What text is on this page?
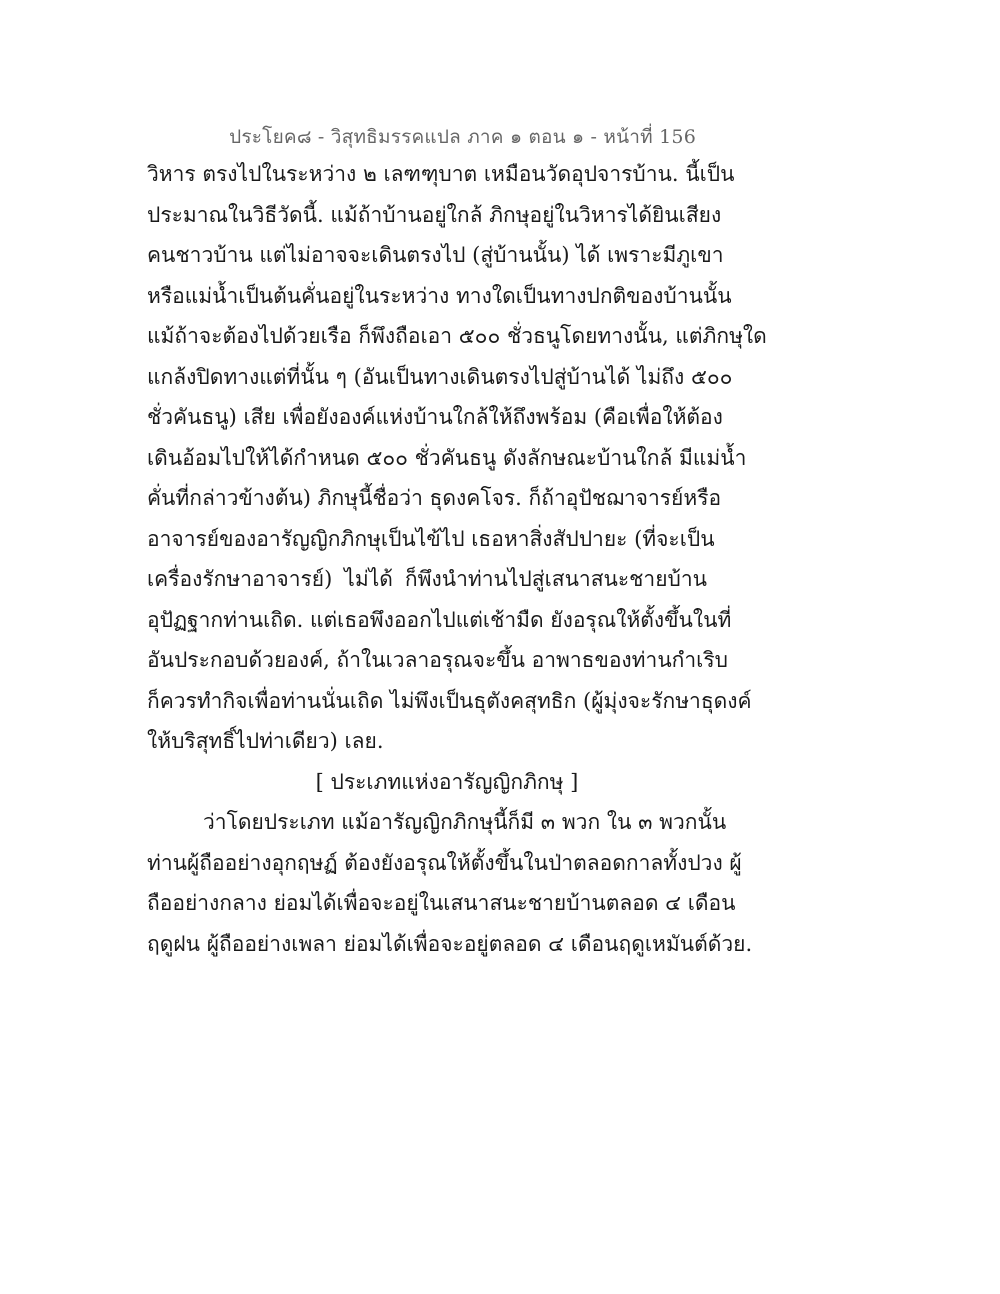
ประโยค๘ - วิสุทธิมรรคแปล ภาค ๑ ตอน ๑ - หน้าที่ 156
วิหาร ตรงไปในระหว่าง ๒ เลฑฑุบาต เหมือนวัดอุปจารบ้าน. นี้เป็น
ประมาณในวิธีวัดนี้. แม้ถ้าบ้านอยู่ใกล้ ภิกษุอยู่ในวิหารได้ยินเสียง
คนชาวบ้าน แต่ไม่อาจจะเดินตรงไป (สู่บ้านนั้น) ได้ เพราะมีภูเขา
หรือแม่น้ำเป็นต้นคั่นอยู่ในระหว่าง ทางใดเป็นทางปกติของบ้านนั้น
แม้ถ้าจะต้องไปด้วยเรือ ก็พึงถือเอา ๕๐๐ ชั่วธนูโดยทางนั้น, แต่ภิกษุใด
แกล้งปิดทางแต่ที่นั้น ๆ (อันเป็นทางเดินตรงไปสู่บ้านได้ ไม่ถึง ๕๐๐
ชั่วคันธนู) เสีย เพื่อยังองค์แห่งบ้านใกล้ให้ถึงพร้อม (คือเพื่อให้ต้อง
เดินอ้อมไปให้ได้กำหนด ๕๐๐ ชั่วคันธนู ดังลักษณะบ้านใกล้ มีแม่น้ำ
คั่นที่กล่าวข้างต้น) ภิกษุนี้ชื่อว่า ธุดงคโจร. ก็ถ้าอุปัชฌาจารย์หรือ
อาจารย์ของอารัญญิกภิกษุเป็นไข้ไป เธอหาสิ่งสัปปายะ (ที่จะเป็น
เครื่องรักษาอาจารย์) ไม่ได้ ก็พึงนำท่านไปสู่เสนาสนะชายบ้าน
อุปัฏฐากท่านเถิด. แต่เธอพึงออกไปแต่เช้ามืด ยังอรุณให้ตั้งขึ้นในที่
อันประกอบด้วยองค์, ถ้าในเวลาอรุณจะขึ้น อาพาธของท่านกำเริบ
ก็ควรทำกิจเพื่อท่านนั่นเถิด ไม่พึงเป็นธุตังคสุทธิก (ผู้มุ่งจะรักษาธุดงค์
ให้บริสุทธิ์ไปท่าเดียว) เลย.
[ ประเภทแห่งอารัญญิกภิกษุ ]
ว่าโดยประเภท แม้อารัญญิกภิกษุนี้ก็มี ๓ พวก ใน ๓ พวกนั้น
ท่านผู้ถืออย่างอุกฤษฏ์ ต้องยังอรุณให้ตั้งขึ้นในป่าตลอดกาลทั้งปวง ผู้
ถืออย่างกลาง ย่อมได้เพื่อจะอยู่ในเสนาสนะชายบ้านตลอด ๔ เดือน
ฤดูฝน ผู้ถืออย่างเพลา ย่อมได้เพื่อจะอยู่ตลอด ๔ เดือนฤดูเหมันต์ด้วย.
